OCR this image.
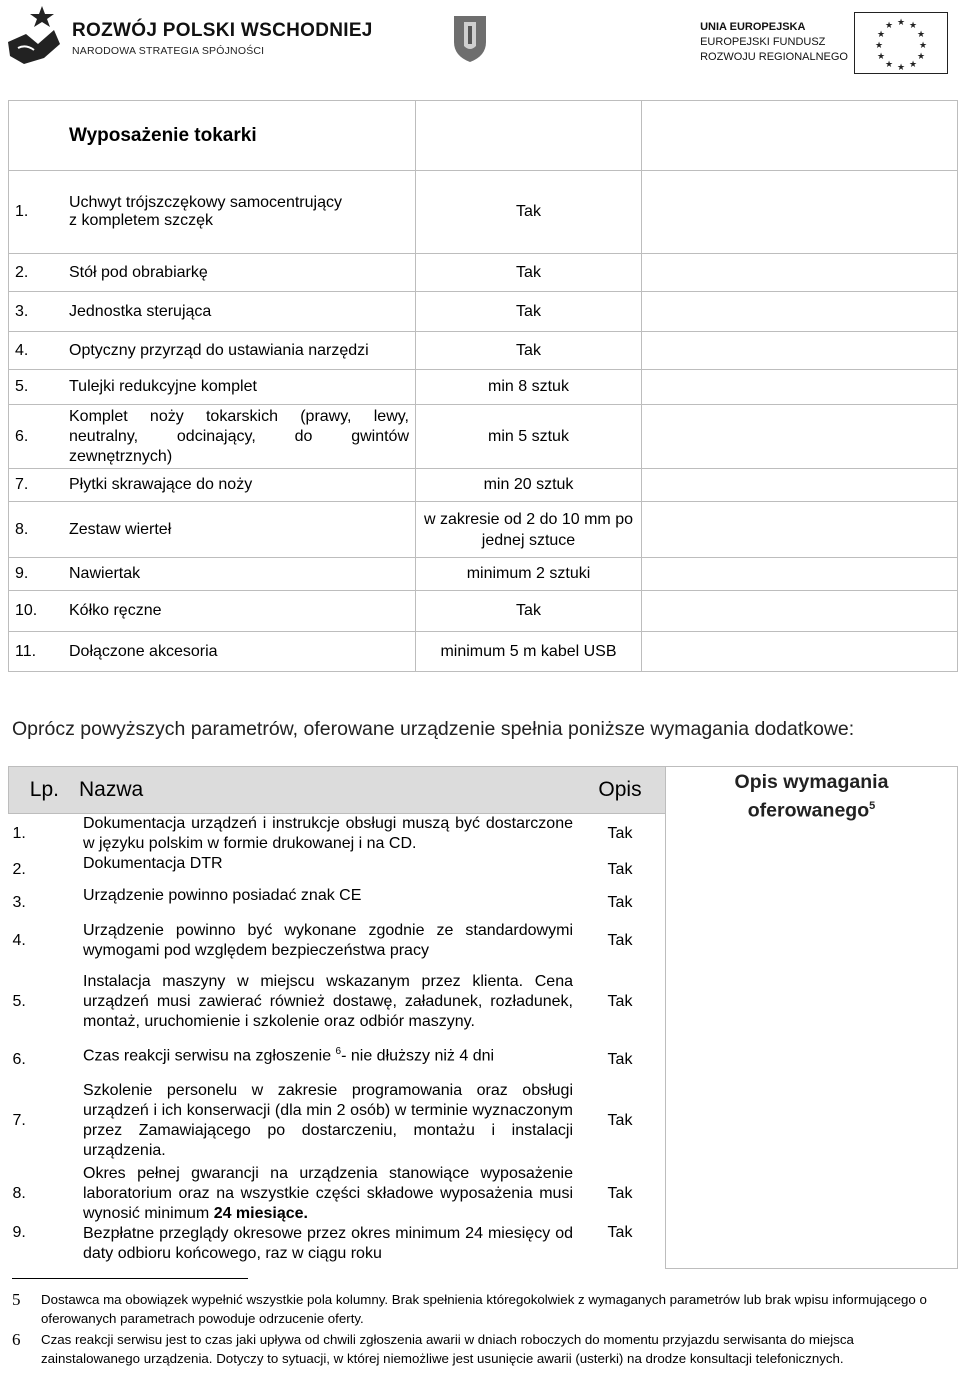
ROZWÓJ POLSKI WSCHODNIEJ
NARODOWA STRATEGIA SPÓJNOŚCI
UNIA EUROPEJSKA
EUROPEJSKI FUNDUSZ
ROZWOJU REGIONALNEGO
★ ★
★
★
★
★
★
★
★
★
★
★
	Wyposażenie tokarki		
1.	Uchwyt trójszczękowy samocentrujący
z kompletem szczęk	Tak	
2.	Stół pod obrabiarkę	Tak	
3.	Jednostka sterująca	Tak	
4.	Optyczny przyrząd do ustawiania narzędzi	Tak	
5.	Tulejki redukcyjne komplet	min 8 sztuk	
6.	Komplet noży tokarskich (prawy, lewy, neutralny, odcinający, do gwintów zewnętrznych)	min 5 sztuk	
7.	Płytki skrawające do noży	min 20 sztuk	
8.	Zestaw wierteł	w zakresie od 2 do 10 mm po
jednej sztuce	

9.	Nawiertak	minimum 2 sztuki	
10.	Kółko ręczne	Tak	
11.	Dołączone akcesoria	minimum 5 m kabel USB	
Oprócz powyższych parametrów, oferowane urządzenie spełnia poniższe wymagania dodatkowe:
Lp.	Nazwa	Opis	Opis wymagania
oferowanego$^5$

1.	Dokumentacja urządzeń i instrukcje obsługi muszą być dostarczone w języku polskim w formie drukowanej i na CD.	Tak	
2.	Dokumentacja DTR	Tak	
3.	Urządzenie powinno posiadać znak CE	Tak	
4.	Urządzenie powinno być wykonane zgodnie ze standardowymi wymogami pod względem bezpieczeństwa pracy	Tak	
5.	Instalacja maszyny w miejscu wskazanym przez klienta. Cena urządzeń musi zawierać również dostawę, załadunek, rozładunek, montaż, uruchomienie i szkolenie oraz odbiór maszyny.	Tak	
6.	Czas reakcji serwisu na zgłoszenie $^6$- nie dłuższy niż 4 dni	Tak	
7.	Szkolenie personelu w zakresie programowania oraz obsługi urządzeń i ich konserwacji (dla min 2 osób) w terminie wyznaczonym przez Zamawiającego po dostarczeniu, montażu i instalacji urządzenia.	Tak	
8.	Okres pełnej gwarancji na urządzenia stanowiące wyposażenie laboratorium oraz na wszystkie części składowe wyposażenia musi wynosić minimum 24 miesiące.	Tak	
9.	Bezpłatne przeglądy okresowe przez okres minimum 24 miesięcy od daty odbioru końcowego, raz w ciągu roku	Tak	
5 Dostawca ma obowiązek wypełnić wszystkie pola kolumny. Brak spełnienia któregokolwiek z wymaganych parametrów lub brak wpisu informującego o oferowanych parametrach powoduje odrzucenie oferty.
6 Czas reakcji serwisu jest to czas jaki upływa od chwili zgłoszenia awarii w dniach roboczych do momentu przyjazdu serwisanta do miejsca zainstalowanego urządzenia. Dotyczy to sytuacji, w której niemożliwe jest usunięcie awarii (usterki) na drodze konsultacji telefonicznych.
